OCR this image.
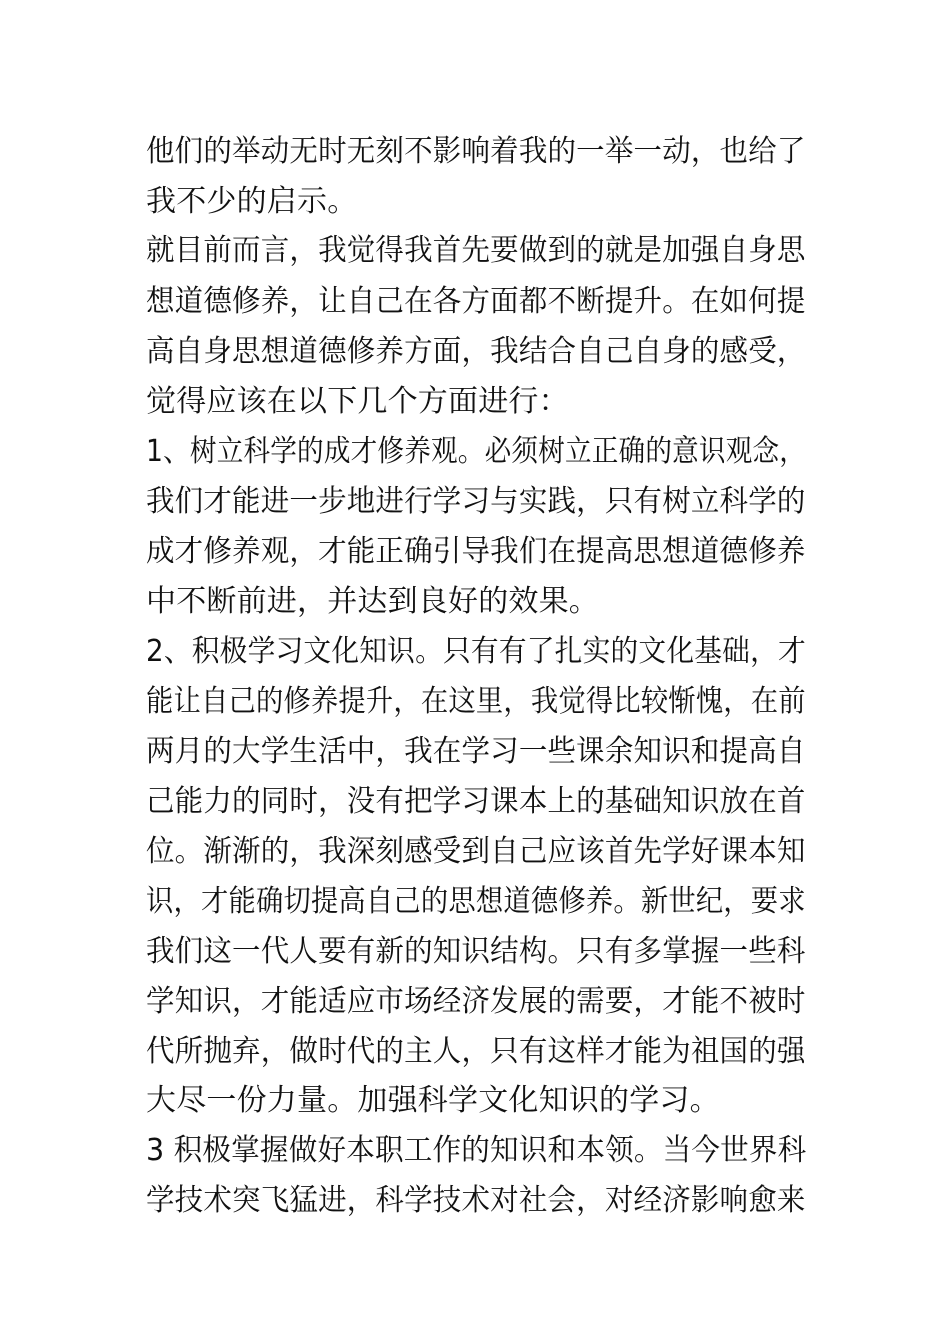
他们的举动无时无刻不影响着我的一举一动，也给了

我不少的启示。

就目前而言，我觉得我首先要做到的就是加强自身思

想道德修养，让自己在各方面都不断提升。在如何提

高自身思想道德修养方面，我结合自己自身的感受，

觉得应该在以下几个方面进行：

1、树立科学的成才修养观。必须树立正确的意识观念，

我们才能进一步地进行学习与实践，只有树立科学的

成才修养观，才能正确引导我们在提高思想道德修养

中不断前进，并达到良好的效果。

2、积极学习文化知识。只有有了扎实的文化基础，才

能让自己的修养提升，在这里，我觉得比较惭愧，在前

两月的大学生活中，我在学习一些课余知识和提高自

己能力的同时，没有把学习课本上的基础知识放在首

位。渐渐的，我深刻感受到自己应该首先学好课本知

识，才能确切提高自己的思想道德修养。新世纪，要求

我们这一代人要有新的知识结构。只有多掌握一些科

学知识，才能适应市场经济发展的需要，才能不被时

代所抛弃，做时代的主人，只有这样才能为祖国的强

大尽一份力量。加强科学文化知识的学习。

3 积极掌握做好本职工作的知识和本领。当今世界科

学技术突飞猛进，科学技术对社会，对经济影响愈来
